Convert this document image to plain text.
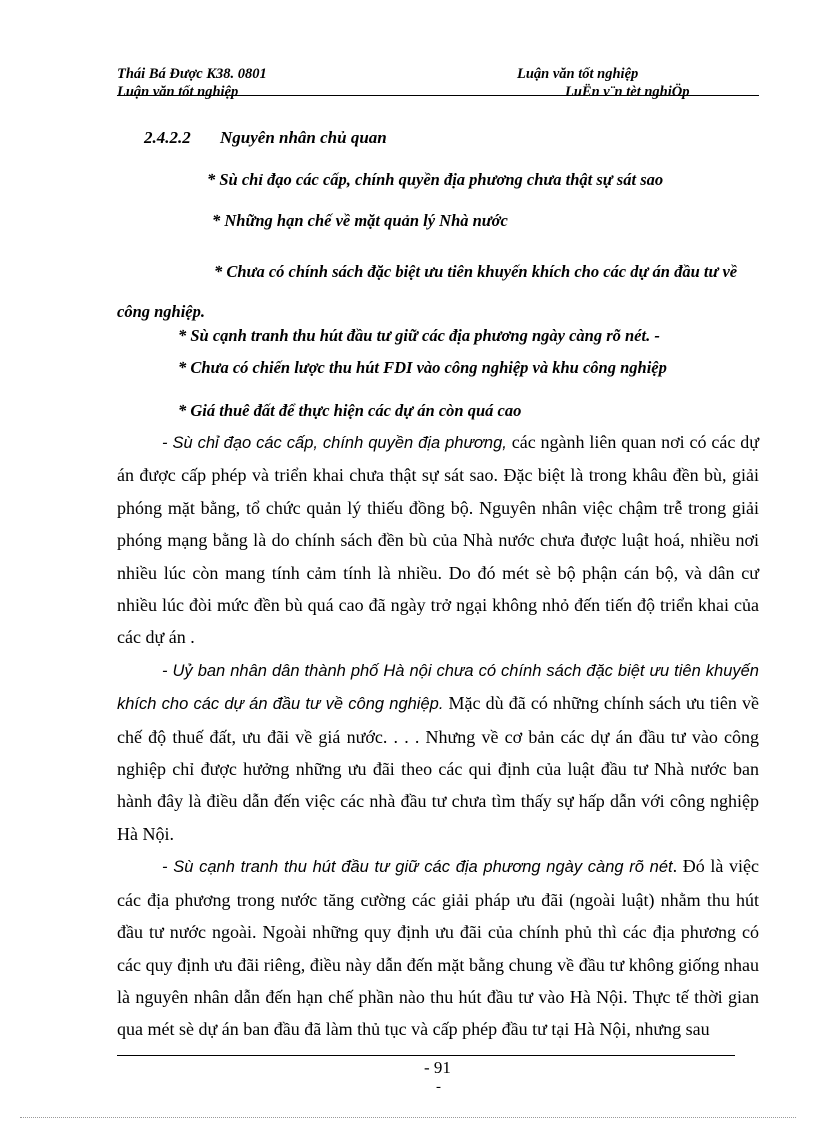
Thái Bá Được K38. 0801	Luận văn tốt nghiệp
Luận văn tốt nghiệp	LuËn v¨n tèt nghiÖp
2.4.2.2 Nguyên nhân chủ quan
* Sù chỉ đạo các cấp, chính quyền địa phương chưa thật sự sát sao
* Những hạn chế về mặt quản lý Nhà nước
* Chưa có chính sách đặc biệt ưu tiên khuyến khích cho các dự án đầu tư về công nghiệp.
* Sù cạnh tranh thu hút đầu tư giữ các địa phương ngày càng rõ nét. -
* Chưa có chiến lược thu hút FDI vào công nghiệp và khu công nghiệp
* Giá thuê đất để thực hiện các dự án còn quá cao

- Sù chỉ đạo các cấp, chính quyền địa phương, các ngành liên quan nơi có các dự án được cấp phép và triển khai chưa thật sự sát sao. Đặc biệt là trong khâu đền bù, giải phóng mặt bằng, tổ chức quản lý thiếu đồng bộ. Nguyên nhân việc chậm trễ trong giải phóng mạng bằng là do chính sách đền bù của Nhà nước chưa được luật hoá, nhiều nơi nhiều lúc còn mang tính cảm tính là nhiều. Do đó mét sè bộ phận cán bộ, và dân cư nhiều lúc đòi mức đền bù quá cao đã ngày trở ngại không nhỏ đến tiến độ triển khai của các dự án .

- Uỷ ban nhân dân thành phố Hà nội chưa có chính sách đặc biệt ưu tiên khuyến khích cho các dự án đầu tư về công nghiệp. Mặc dù đã có những chính sách ưu tiên về chế độ thuế đất, ưu đãi về giá nước. . . . Nhưng về cơ bản các dự án đầu tư vào công nghiệp chỉ được hưởng những ưu đãi theo các qui định của luật đầu tư Nhà nước ban hành đây là điều dẫn đến việc các nhà đầu tư chưa tìm thấy sự hấp dẫn với công nghiệp Hà Nội.

- Sù cạnh tranh thu hút đầu tư giữ các địa phương ngày càng rõ nét. Đó là việc các địa phương trong nước tăng cường các giải pháp ưu đãi (ngoài luật) nhằm thu hút đầu tư nước ngoài. Ngoài những quy định ưu đãi của chính phủ thì các địa phương có các quy định ưu đãi riêng, điều này dẫn đến mặt bằng chung về đầu tư không giống nhau là nguyên nhân dẫn đến hạn chế phần nào thu hút đầu tư vào Hà Nội. Thực tế thời gian qua mét sè dự án ban đầu đã làm thủ tục và cấp phép đầu tư tại Hà Nội, nhưng sau

- 91
-
